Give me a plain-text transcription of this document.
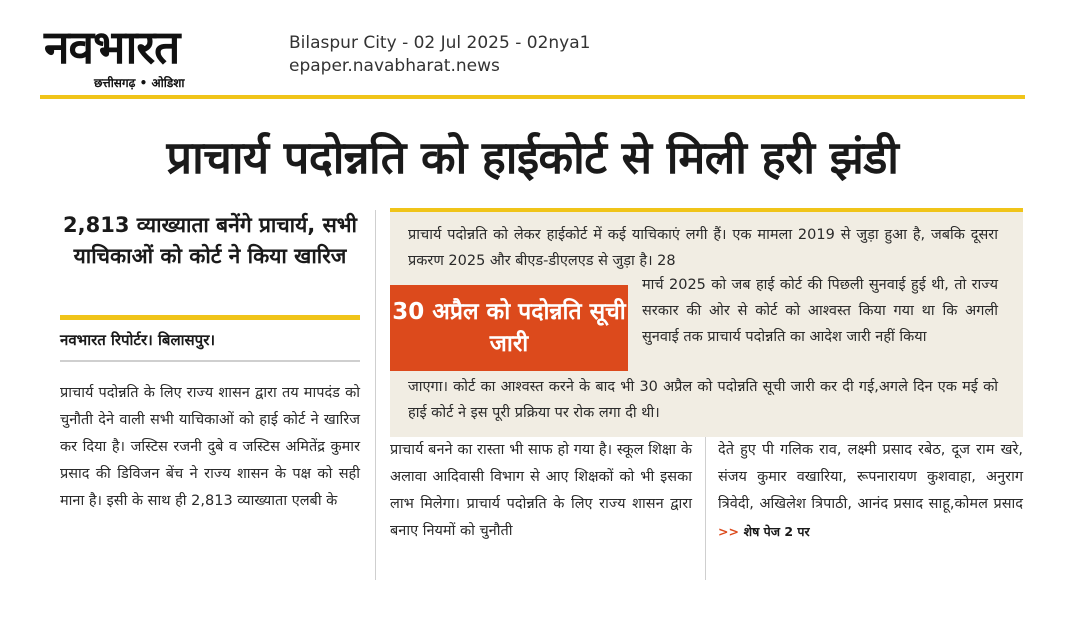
नवभारत
छत्तीसगढ़ • ओडिशा
Bilaspur City - 02 Jul 2025 - 02nya1
epaper.navabharat.news
प्राचार्य पदोन्नति को हाईकोर्ट से मिली हरी झंडी
2,813 व्याख्याता बनेंगे प्राचार्य, सभी याचिकाओं को कोर्ट ने किया खारिज
नवभारत रिपोर्टर। बिलासपुर।
प्राचार्य पदोन्नति के लिए राज्य शासन द्वारा तय मापदंड को चुनौती देने वाली सभी याचिकाओं को हाई कोर्ट ने खारिज कर दिया है। जस्टिस रजनी दुबे व जस्टिस अमितेंद्र कुमार प्रसाद की डिविजन बेंच ने राज्य शासन के पक्ष को सही माना है। इसी के साथ ही 2,813 व्याख्याता एलबी के
प्राचार्य पदोन्नति को लेकर हाईकोर्ट में कई याचिकाएं लगी हैं। एक मामला 2019 से जुड़ा हुआ है, जबकि दूसरा प्रकरण 2025 और बीएड-डीएलएड से जुड़ा है। 28
30 अप्रैल को पदोन्नति सूची जारी
मार्च 2025 को जब हाई कोर्ट की पिछली सुनवाई हुई थी, तो राज्य सरकार की ओर से कोर्ट को आश्वस्त किया गया था कि अगली सुनवाई तक प्राचार्य पदोन्नति का आदेश जारी नहीं किया
जाएगा। कोर्ट का आश्वस्त करने के बाद भी 30 अप्रैल को पदोन्नति सूची जारी कर दी गई,अगले दिन एक मई को हाई कोर्ट ने इस पूरी प्रक्रिया पर रोक लगा दी थी।
प्राचार्य बनने का रास्ता भी साफ हो गया है। स्कूल शिक्षा के अलावा आदिवासी विभाग से आए शिक्षकों को भी इसका लाभ मिलेगा। प्राचार्य पदोन्नति के लिए राज्य शासन द्वारा बनाए नियमों को चुनौती
देते हुए पी गलिक राव, लक्ष्मी प्रसाद रबेठ, दूज राम खरे, संजय कुमार वखारिया, रूपनारायण कुशवाहा, अनुराग त्रिवेदी, अखिलेश त्रिपाठी, आनंद प्रसाद साहू,कोमल प्रसाद >> शेष पेज 2 पर
